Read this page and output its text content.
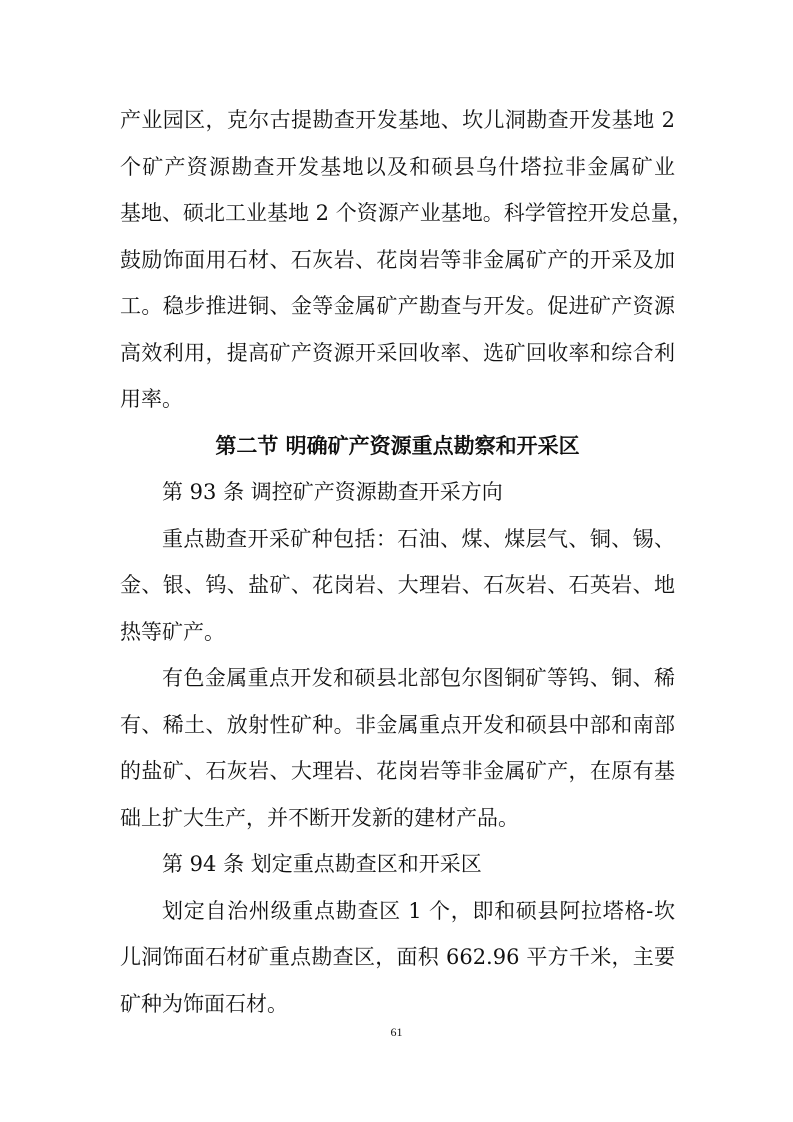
产业园区，克尔古提勘查开发基地、坎儿洞勘查开发基地 2
个矿产资源勘查开发基地以及和硕县乌什塔拉非金属矿业
基地、硕北工业基地 2 个资源产业基地。科学管控开发总量，
鼓励饰面用石材、石灰岩、花岗岩等非金属矿产的开采及加
工。稳步推进铜、金等金属矿产勘查与开发。促进矿产资源
高效利用，提高矿产资源开采回收率、选矿回收率和综合利
用率。
第二节 明确矿产资源重点勘察和开采区
第 93 条 调控矿产资源勘查开采方向
重点勘查开采矿种包括：石油、煤、煤层气、铜、锡、
金、银、钨、盐矿、花岗岩、大理岩、石灰岩、石英岩、地
热等矿产。
有色金属重点开发和硕县北部包尔图铜矿等钨、铜、稀
有、稀土、放射性矿种。非金属重点开发和硕县中部和南部
的盐矿、石灰岩、大理岩、花岗岩等非金属矿产，在原有基
础上扩大生产，并不断开发新的建材产品。
第 94 条 划定重点勘查区和开采区
划定自治州级重点勘查区 1 个，即和硕县阿拉塔格-坎
儿洞饰面石材矿重点勘查区，面积 662.96 平方千米，主要
61
矿种为饰面石材。
